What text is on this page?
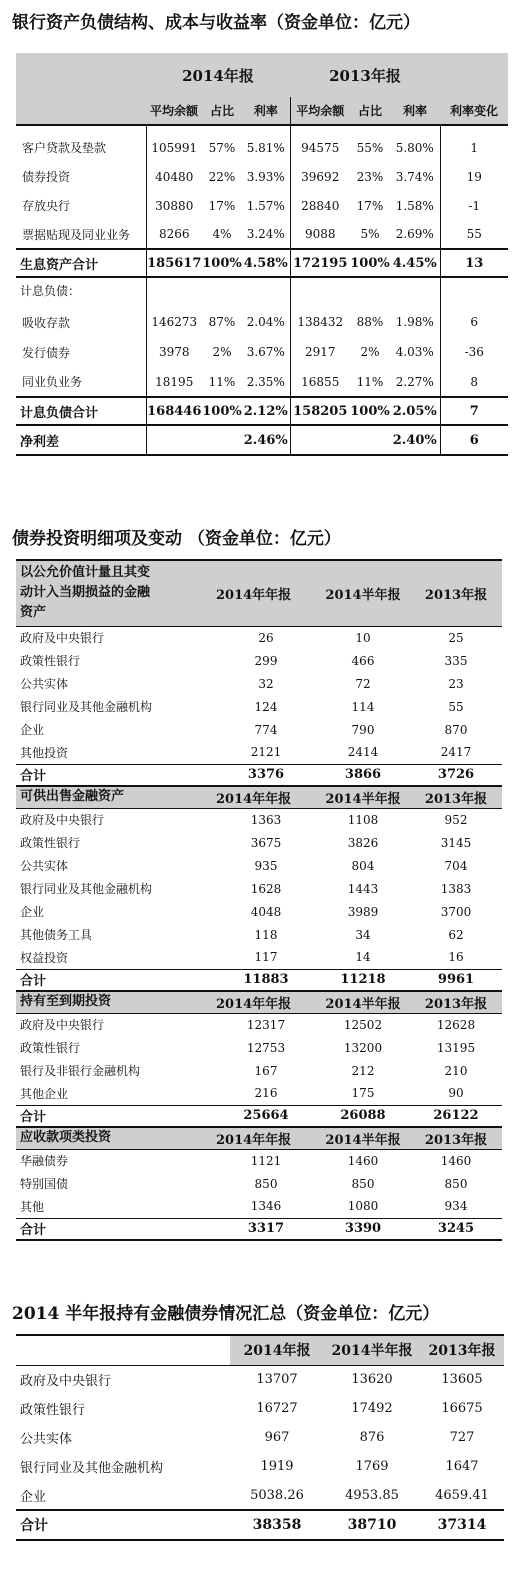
银行资产负债结构、成本与收益率（资金单位：亿元）
	2014年报			2013年报			
	平均余额	占比	利率	平均余额	占比	利率	利率变化

客户贷款及垫款	105991	57%	5.81%	94575	55%	5.80%	1
债券投资	40480	22%	3.93%	39692	23%	3.74%	19
存放央行	30880	17%	1.57%	28840	17%	1.58%	-1
票据贴现及同业业务	8266	4%	3.24%	9088	5%	2.69%	55
生息资产合计	185617	100%	4.58%	172195	100%	4.45%	13
计息负债：							
吸收存款	146273	87%	2.04%	138432	88%	1.98%	6
发行债券	3978	2%	3.67%	2917	2%	4.03%	-36
同业负业务	18195	11%	2.35%	16855	11%	2.27%	8
计息负债合计	168446	100%	2.12%	158205	100%	2.05%	7
净利差			2.46%			2.40%	6
债券投资明细项及变动 （资金单位：亿元）
以公允价值计量且其变
动计入当期损益的金融
资产	2014年年报	2014半年报	2013年报
政府及中央银行	26	10	25
政策性银行	299	466	335
公共实体	32	72	23
银行同业及其他金融机构	124	114	55
企业	774	790	870
其他投资	2121	2414	2417
合计	3376	3866	3726

可供出售金融资产	2014年年报	2014半年报	2013年报
政府及中央银行	1363	1108	952
政策性银行	3675	3826	3145
公共实体	935	804	704
银行同业及其他金融机构	1628	1443	1383
企业	4048	3989	3700
其他债务工具	118	34	62
权益投资	117	14	16
合计	11883	11218	9961

持有至到期投资	2014年年报	2014半年报	2013年报
政府及中央银行	12317	12502	12628
政策性银行	12753	13200	13195
银行及非银行金融机构	167	212	210
其他企业	216	175	90
合计	25664	26088	26122

应收款项类投资	2014年年报	2014半年报	2013年报
华融债券	1121	1460	1460
特别国债	850	850	850
其他	1346	1080	934
合计	3317	3390	3245
2014 半年报持有金融债券情况汇总（资金单位：亿元）
	2014年报	2014半年报	2013年报
政府及中央银行	13707	13620	13605
政策性银行	16727	17492	16675
公共实体	967	876	727
银行同业及其他金融机构	1919	1769	1647
企业	5038.26	4953.85	4659.41
合计	38358	38710	37314
